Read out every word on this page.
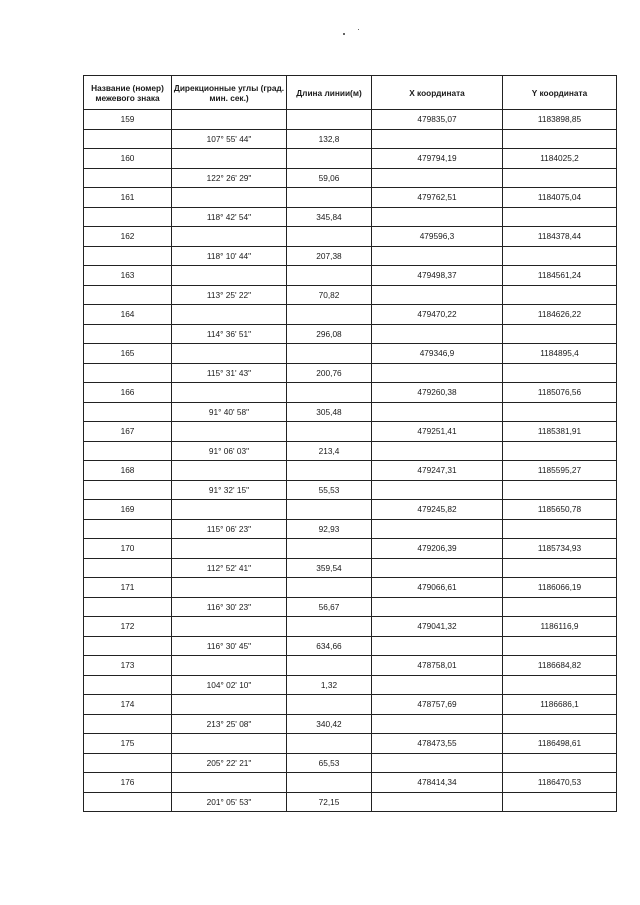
Название (номер) межевого знака	Дирекционные углы (град. мин. сек.)	Длина линии(м)	X координата	Y координата
159			479835,07	1183898,85
	107° 55' 44"	132,8		
160			479794,19	1184025,2
	122° 26' 29"	59,06		
161			479762,51	1184075,04
	118° 42' 54"	345,84		
162			479596,3	1184378,44
	118° 10' 44"	207,38		
163			479498,37	1184561,24
	113° 25' 22"	70,82		
164			479470,22	1184626,22
	114° 36' 51"	296,08		
165			479346,9	1184895,4
	115° 31' 43"	200,76		
166			479260,38	1185076,56
	91° 40' 58"	305,48		
167			479251,41	1185381,91
	91° 06' 03"	213,4		
168			479247,31	1185595,27
	91° 32' 15"	55,53		
169			479245,82	1185650,78
	115° 06' 23"	92,93		
170			479206,39	1185734,93
	112° 52' 41"	359,54		
171			479066,61	1186066,19
	116° 30' 23"	56,67		
172			479041,32	1186116,9
	116° 30' 45"	634,66		
173			478758,01	1186684,82
	104° 02' 10"	1,32		
174			478757,69	1186686,1
	213° 25' 08"	340,42		
175			478473,55	1186498,61
	205° 22' 21"	65,53		
176			478414,34	1186470,53
	201° 05' 53"	72,15		
